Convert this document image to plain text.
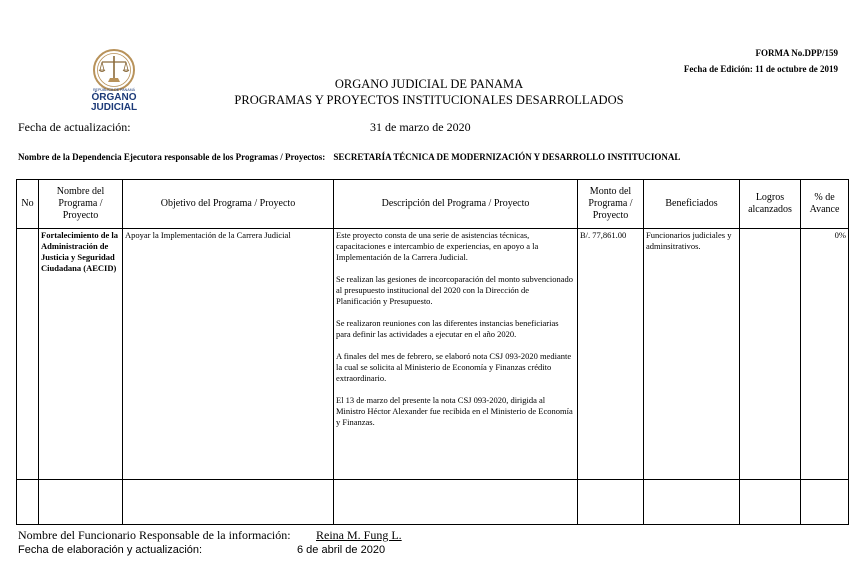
REPÚBLICA DE PANAMÁ
ÓRGANO
JUDICIAL
FORMA No.DPP/159
Fecha de Edición: 11 de octubre de 2019
ORGANO JUDICIAL DE PANAMA
PROGRAMAS Y PROYECTOS INSTITUCIONALES DESARROLLADOS
Fecha de actualización:	31 de marzo de 2020
Nombre de la Dependencia Ejecutora responsable de los Programas / Proyectos: SECRETARÍA TÉCNICA DE MODERNIZACIÓN Y DESARROLLO INSTITUCIONAL
No	Nombre del Programa / Proyecto	Objetivo del Programa / Proyecto	Descripción del Programa / Proyecto	Monto del Programa / Proyecto	Beneficiados	Logros alcanzados	% de Avance
	Fortalecimiento de la Administración de Justicia y Seguridad Ciudadana (AECID)	Apoyar la Implementación de la Carrera Judicial	Este proyecto consta de una serie de asistencias técnicas, capacitaciones e intercambio de experiencias, en apoyo a la Implementación de la Carrera Judicial.

Se realizan las gesiones de incorcoparación del monto subvencionado al presupuesto institucional del 2020 con la Dirección de Planificación y Presupuesto.

Se realizaron reuniones con las diferentes instancias beneficiarias para definir las actividades a ejecutar en el año 2020.

A finales del mes de febrero, se elaboró nota CSJ 093-2020 mediante la cual se solicita al Ministerio de Economía y Finanzas crédito extraordinario.

El 13 de marzo del presente la nota CSJ 093-2020, dirigida al Ministro Héctor Alexander fue recibida en el Ministerio de Economía y Finanzas.	B/. 77,861.00	Funcionarios judiciales y adminsitrativos.		0%

Nombre del Funcionario Responsable de la información: Reina M. Fung L.
Fecha de elaboración y actualización:	6 de abril de 2020
